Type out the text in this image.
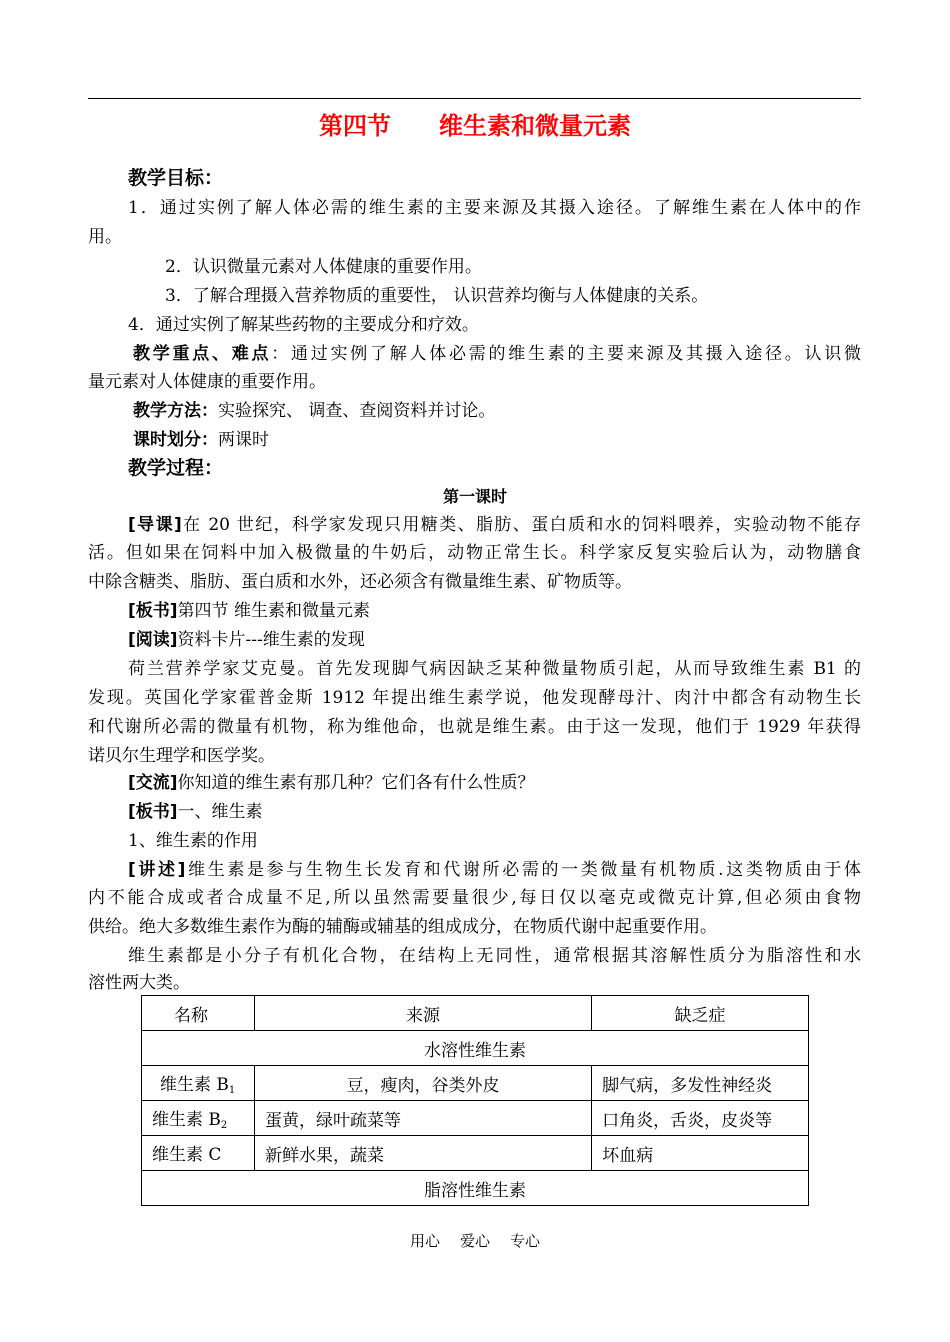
第四节 维生素和微量元素
教学目标：
1．通过实例了解人体必需的维生素的主要来源及其摄入途径。了解维生素在人体中的作
用。
2．认识微量元素对人体健康的重要作用。
3．了解合理摄入营养物质的重要性， 认识营养均衡与人体健康的关系。
4．通过实例了解某些药物的主要成分和疗效。
教学重点、难点：通过实例了解人体必需的维生素的主要来源及其摄入途径。认识微
量元素对人体健康的重要作用。
教学方法：实验探究、 调查、查阅资料并讨论。
课时划分：两课时
教学过程：
第一课时
[导课]在 20 世纪，科学家发现只用糖类、脂肪、蛋白质和水的饲料喂养，实验动物不能存
活。但如果在饲料中加入极微量的牛奶后，动物正常生长。科学家反复实验后认为，动物膳食
中除含糖类、脂肪、蛋白质和水外，还必须含有微量维生素、矿物质等。
[板书]第四节 维生素和微量元素
[阅读]资料卡片---维生素的发现
荷兰营养学家艾克曼。首先发现脚气病因缺乏某种微量物质引起，从而导致维生素 B1 的
发现。英国化学家霍普金斯 1912 年提出维生素学说，他发现酵母汁、肉汁中都含有动物生长
和代谢所必需的微量有机物，称为维他命，也就是维生素。由于这一发现，他们于 1929 年获得
诺贝尔生理学和医学奖。
[交流]你知道的维生素有那几种？它们各有什么性质？
[板书]一、维生素
1、维生素的作用
[讲述]维生素是参与生物生长发育和代谢所必需的一类微量有机物质.这类物质由于体
内不能合成或者合成量不足,所以虽然需要量很少,每日仅以毫克或微克计算,但必须由食物
供给。绝大多数维生素作为酶的辅酶或辅基的组成成分，在物质代谢中起重要作用。
维生素都是小分子有机化合物，在结构上无同性，通常根据其溶解性质分为脂溶性和水
溶性两大类。
名称	来源	缺乏症
水溶性维生素		
维生素 $B_1$	豆，瘦肉，谷类外皮	脚气病，多发性神经炎
维生素 $B_2$	蛋黄，绿叶疏菜等	口角炎，舌炎，皮炎等
维生素 C	新鲜水果，蔬菜	坏血病
脂溶性维生素		
用心 爱心 专心
